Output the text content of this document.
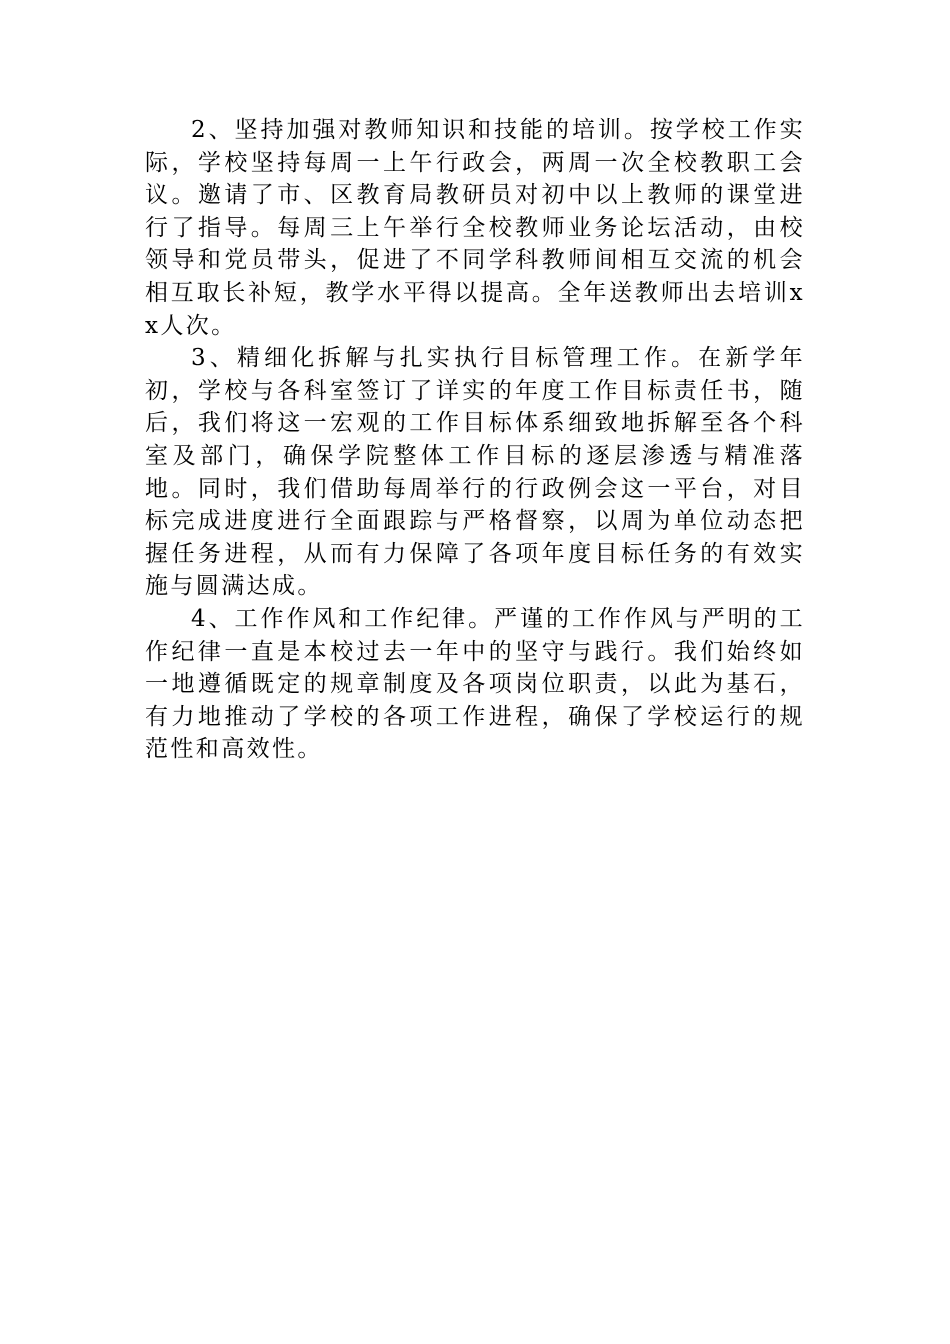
2、坚持加强对教师知识和技能的培训。按学校工作实际，学校坚持每周一上午行政会，两周一次全校教职工会议。邀请了市、区教育局教研员对初中以上教师的课堂进行了指导。每周三上午举行全校教师业务论坛活动，由校领导和党员带头，促进了不同学科教师间相互交流的机会相互取长补短，教学水平得以提高。全年送教师出去培训xx人次。

3、精细化拆解与扎实执行目标管理工作。在新学年初，学校与各科室签订了详实的年度工作目标责任书，随后，我们将这一宏观的工作目标体系细致地拆解至各个科室及部门，确保学院整体工作目标的逐层渗透与精准落地。同时，我们借助每周举行的行政例会这一平台，对目标完成进度进行全面跟踪与严格督察，以周为单位动态把握任务进程，从而有力保障了各项年度目标任务的有效实施与圆满达成。

4、工作作风和工作纪律。严谨的工作作风与严明的工作纪律一直是本校过去一年中的坚守与践行。我们始终如一地遵循既定的规章制度及各项岗位职责，以此为基石，有力地推动了学校的各项工作进程，确保了学校运行的规范性和高效性。
